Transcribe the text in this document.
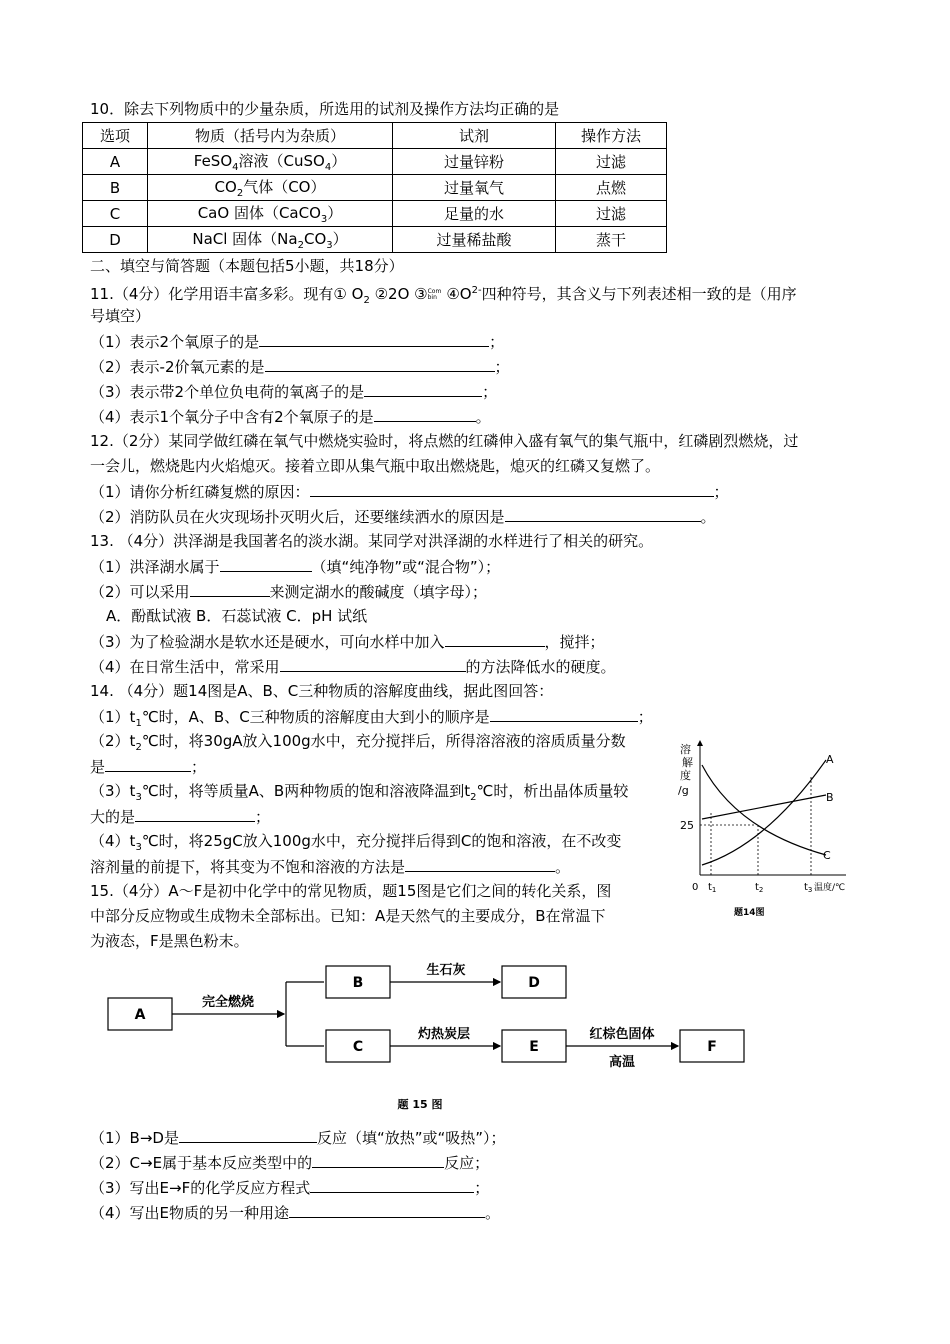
10．除去下列物质中的少量杂质，所选用的试剂及操作方法均正确的是
选项	物质（括号内为杂质）	试剂	操作方法
A	FeSO$_4$溶液（CuSO$_4$）	过量锌粉	过滤
B	$CO_2$气体（CO）	过量氧气	点燃
C	CaO 固体（CaCO$_3$）	足量的水	过滤
D	NaCl 固体$(Na_2CO_3)$	过量稀盐酸	蒸干
二、填空与简答题（本题包括5小题，共18分）
11.（4分）化学用语丰富多彩。现有① $O_2$ ②2O ③Com bin $④O^{2-}$四种符号，其含义与下列表述相一致的是（用序
号填空）
（1）表示2个氧原子的是	；
（2）表示-2价氧元素的是	；
（3）表示带2个单位负电荷的氧离子的是	；
（4）表示1个氧分子中含有2个氧原子的是	。
12.（2分）某同学做红磷在氧气中燃烧实验时，将点燃的红磷伸入盛有氧气的集气瓶中，红磷剧烈燃烧，过
一会儿，燃烧匙内火焰熄灭。接着立即从集气瓶中取出燃烧匙，熄灭的红磷又复燃了。
（1）请你分析红磷复燃的原因：	；
（2）消防队员在火灾现场扑灭明火后，还要继续洒水的原因是	。
13. （4分）洪泽湖是我国著名的淡水湖。某同学对洪泽湖的水样进行了相关的研究。
（1）洪泽湖水属于	（填“纯净物”或“混合物”）；
（2）可以采用	来测定湖水的酸碱度（填字母）；
A．酚酞试液 B．石蕊试液 C．pH 试纸
（3）为了检验湖水是软水还是硬水，可向水样中加入	，搅拌；
（4）在日常生活中，常采用	的方法降低水的硬度。
14. （4分）题14图是A、B、C三种物质的溶解度曲线，据此图回答：
$(1)t_1℃$时，A、B、C三种物质的溶解度由大到小的顺序是	；
$(2)t_2℃$时，将30gA放入100g水中，充分搅拌后，所得溶溶液的溶质质量分数
是	；
$(3)t_3℃$时，将等质量A、B两种物质的饱和溶液降温到$t_2℃$时，析出晶体质量较
大的是	；
$(4)t_3℃$时，将25gC放入100g水中，充分搅拌后得到C的饱和溶液，在不改变
溶剂量的前提下，将其变为不饱和溶液的方法是	。
15.（4分）A～F是初中化学中的常见物质，题15图是它们之间的转化关系，图
中部分反应物或生成物未全部标出。已知：A是天然气的主要成分，B在常温下
为液态，F是黑色粉末。
溶
解
度
/g
25
A
B
C
0 $t_1$	$t_2$	$t_3$ 温度/℃
题14图
A
B
C
D
E	F
完全燃烧
生石灰
灼热炭层	红棕色固体
高温
题 15 图
（1）B→D是	反应（填“放热”或“吸热”）；
（2）C→E属于基本反应类型中的	反应；
（3）写出E→F的化学反应方程式	；
（4）写出E物质的另一种用途	。
